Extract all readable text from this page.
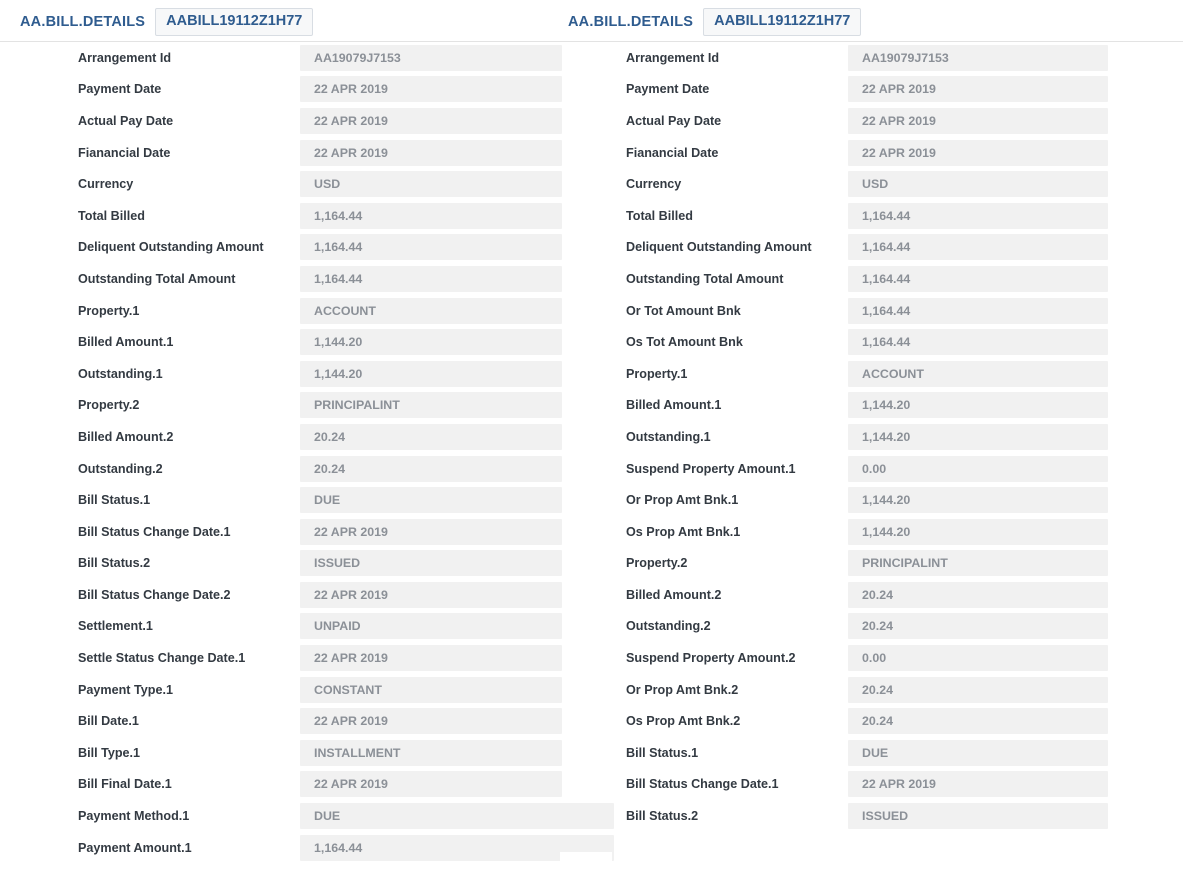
AA.BILL.DETAILS	AABILL19112Z1H77	AA.BILL.DETAILS	AABILL19112Z1H77
Arrangement Id	AA19079J7153
Payment Date	22 APR 2019
Actual Pay Date	22 APR 2019
Fianancial Date	22 APR 2019
Currency	USD
Total Billed	1,164.44
Deliquent Outstanding Amount	1,164.44
Outstanding Total Amount	1,164.44
Property.1	ACCOUNT
Billed Amount.1	1,144.20
Outstanding.1	1,144.20
Property.2	PRINCIPALINT
Billed Amount.2	20.24
Outstanding.2	20.24
Bill Status.1	DUE
Bill Status Change Date.1	22 APR 2019
Bill Status.2	ISSUED
Bill Status Change Date.2	22 APR 2019
Settlement.1	UNPAID
Settle Status Change Date.1	22 APR 2019
Payment Type.1	CONSTANT
Bill Date.1	22 APR 2019
Bill Type.1	INSTALLMENT
Bill Final Date.1	22 APR 2019
Payment Method.1	DUE
Payment Amount.1	1,164.44
Arrangement Id	AA19079J7153
Payment Date	22 APR 2019
Actual Pay Date	22 APR 2019
Fianancial Date	22 APR 2019
Currency	USD
Total Billed	1,164.44
Deliquent Outstanding Amount	1,164.44
Outstanding Total Amount	1,164.44
Or Tot Amount Bnk	1,164.44
Os Tot Amount Bnk	1,164.44
Property.1	ACCOUNT
Billed Amount.1	1,144.20
Outstanding.1	1,144.20
Suspend Property Amount.1	0.00
Or Prop Amt Bnk.1	1,144.20
Os Prop Amt Bnk.1	1,144.20
Property.2	PRINCIPALINT
Billed Amount.2	20.24
Outstanding.2	20.24
Suspend Property Amount.2	0.00
Or Prop Amt Bnk.2	20.24
Os Prop Amt Bnk.2	20.24
Bill Status.1	DUE
Bill Status Change Date.1	22 APR 2019
Bill Status.2	ISSUED
